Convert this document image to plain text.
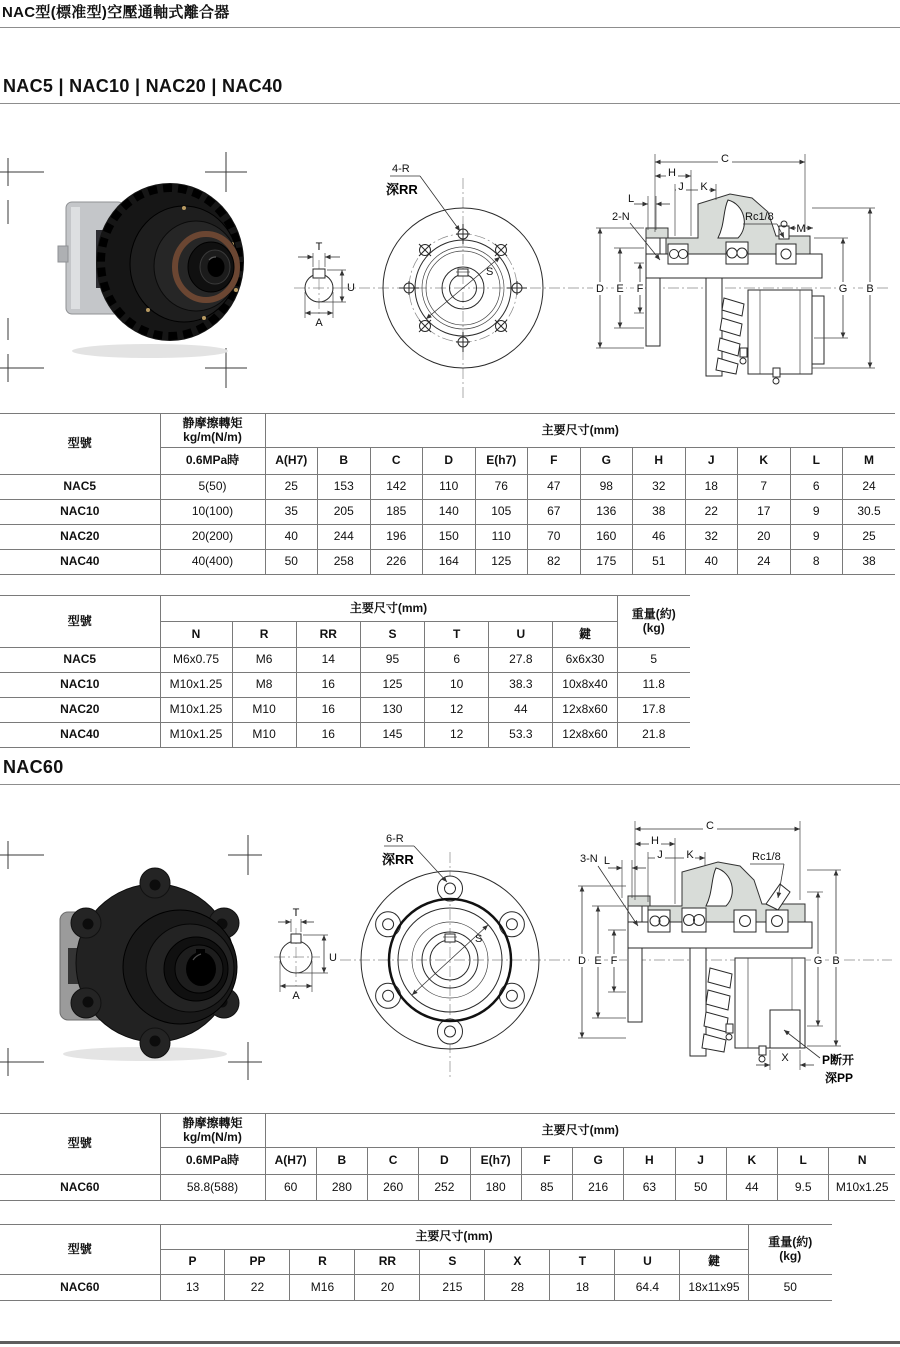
NAC型(標准型)空壓通軸式離合器
NAC5 | NAC10 | NAC20 | NAC40
T
U
A
S
4-R
深RR
C
H
J K
L
2-N	Rc1/8
M
D E F	G B
型號	静摩擦轉矩
kg/m(N/m)	主要尺寸(mm)											
	0.6MPa時	A(H7)	B	C	D	E(h7)	F	G	H	J	K	L	M
NAC5	5(50)	25	153	142	110	76	47	98	32	18	7	6	24
NAC10	10(100)	35	205	185	140	105	67	136	38	22	17	9	30.5
NAC20	20(200)	40	244	196	150	110	70	160	46	32	20	9	25
NAC40	40(400)	50	258	226	164	125	82	175	51	40	24	8	38
型號	主要尺寸(mm)							重量(約)
(kg)

	N	R	RR	S	T	U	鍵	
NAC5	M6x0.75	M6	14	95	6	27.8	6x6x30	5
NAC10	M10x1.25	M8	16	125	10	38.3	10x8x40	11.8
NAC20	M10x1.25	M10	16	130	12	44	12x8x60	17.8
NAC40	M10x1.25	M10	16	145	12	53.3	12x8x60	21.8
NAC60
T
U
A
S
6-R
深RR
C
H
J K
L
3-N	Rc1/8
D E F	G B
X	P断开
深PP
型號	静摩擦轉矩
kg/m(N/m)	主要尺寸(mm)											
	0.6MPa時	A(H7)	B	C	D	E(h7)	F	G	H	J	K	L	N
NAC60	58.8(588)	60	280	260	252	180	85	216	63	50	44	9.5	M10x1.25
型號	主要尺寸(mm)									重量(約)
(kg)

	P	PP	R	RR	S	X	T	U	鍵	
NAC60	13	22	M16	20	215	28	18	64.4	18x11x95	50
